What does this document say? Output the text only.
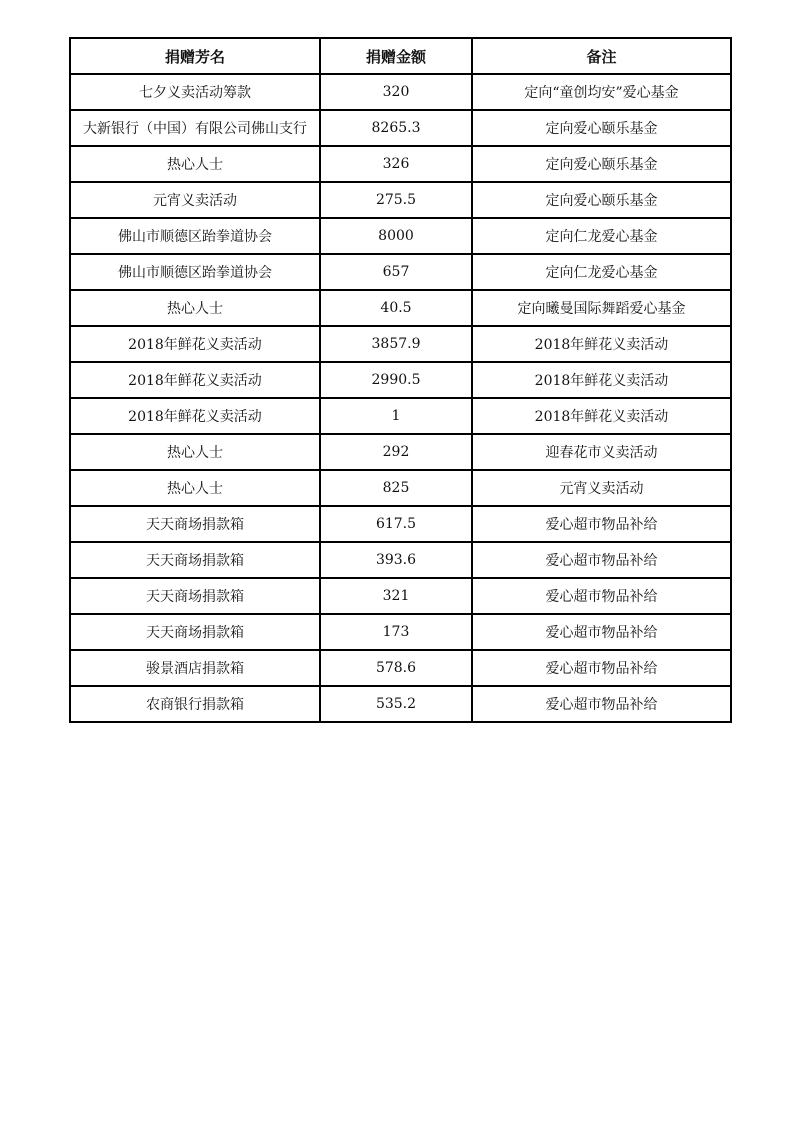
捐赠芳名	捐赠金额	备注
七夕义卖活动筹款	320	定向“童创均安”爱心基金
大新银行（中国）有限公司佛山支行	8265.3	定向爱心颐乐基金
热心人士	326	定向爱心颐乐基金
元宵义卖活动	275.5	定向爱心颐乐基金
佛山市顺德区跆拳道协会	8000	定向仁龙爱心基金
佛山市顺德区跆拳道协会	657	定向仁龙爱心基金
热心人士	40.5	定向曦曼国际舞蹈爱心基金
2018年鲜花义卖活动	3857.9	2018年鲜花义卖活动
2018年鲜花义卖活动	2990.5	2018年鲜花义卖活动
2018年鲜花义卖活动	1	2018年鲜花义卖活动
热心人士	292	迎春花市义卖活动
热心人士	825	元宵义卖活动
天天商场捐款箱	617.5	爱心超市物品补给
天天商场捐款箱	393.6	爱心超市物品补给
天天商场捐款箱	321	爱心超市物品补给
天天商场捐款箱	173	爱心超市物品补给
骏景酒店捐款箱	578.6	爱心超市物品补给
农商银行捐款箱	535.2	爱心超市物品补给
